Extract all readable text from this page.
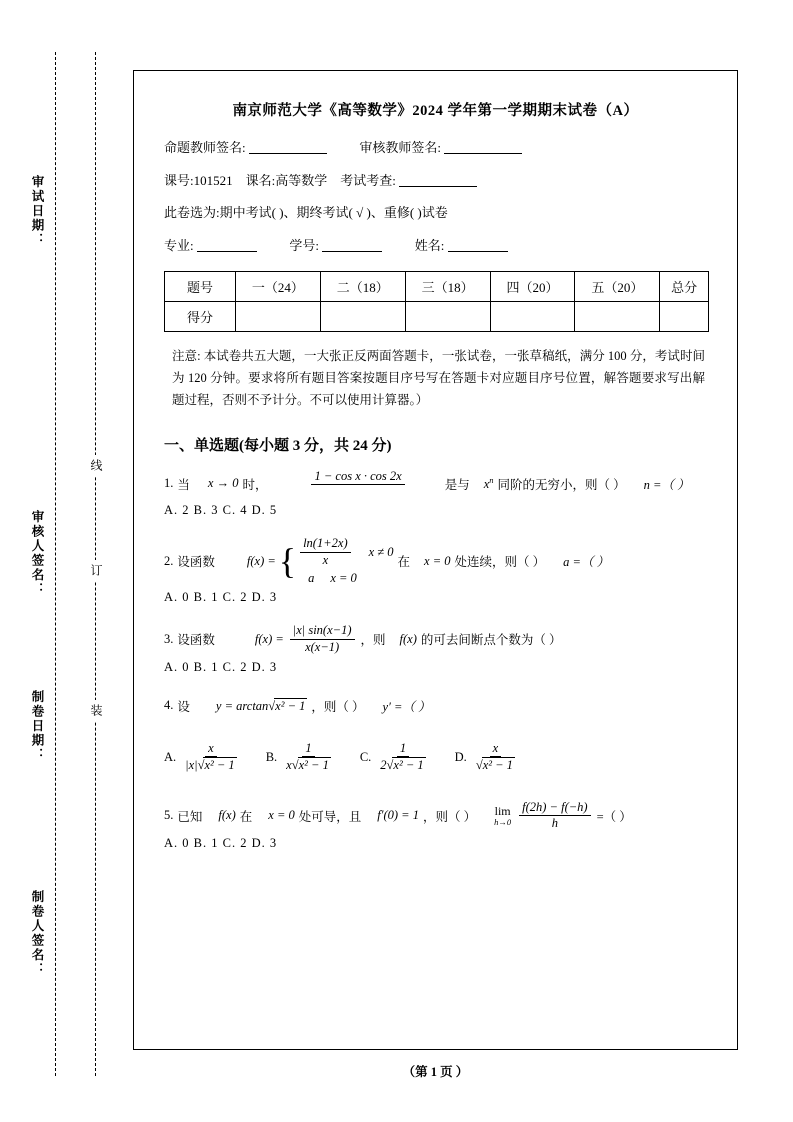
审试日期：
审核人签名：
制卷日期：
制卷人签名：
线
订
装
南京师范大学《高等数学》2024 学年第一学期期末试卷（A）
命题教师签名:	审核教师签名:
课号:101521　课名:高等数学　考试考查:
此卷选为:期中考试( )、期终考试( √ )、重修( )试卷
专业:	学号:	姓名:
题号	一（24）	二（18）	三（18）	四（20）	五（20）	总分
得分						
注意: 本试卷共五大题，一大张正反两面答题卡，一张试卷，一张草稿纸，满分 100 分，考试时间为 120 分钟。要求将所有题目答案按题目序号写在答题卡对应题目序号位置，解答题要求写出解题过程，否则不予计分。不可以使用计算器。）
一、单选题(每小题 3 分，共 24 分)
1. 当 x → 0 时，
1 − cos x · cos 2x

是与 $x^n$ 同阶的无穷小，则（ ） n =（ ）
A. 2 B. 3 C. 4 D. 5
2. 设函数	f(x) = { $\frac{\ln(1+2x)}{x}$ x ≠ 0
a x = 0
在 x = 0 处连续，则（ ） a =（ ）
A. 0 B. 1 C. 2 D. 3
3. 设函数	$f(x) = \frac{|x| \sin(x-1)}{x(x-1)}$ ，则 f(x) 的可去间断点个数为（ ）
A. 0 B. 1 C. 2 D. 3
4. 设 y = arctan√x² − 1 ，则（ ） y′ =（ ）
A. $\frac{x}{\text{|x|√x² − 1}} B$. $\frac{1}{\text{x√x² − 1}} C$. $\frac{1}{\text{2√x² − 1}} D$. $\frac{x}{\text{√x² − 1}}$
5. 已知 f(x) 在 x = 0 处可导，且 f′(0) = 1 ，则（ ） lim
$h\to 0 \frac{f(2h) - f(-h)}{h}$ =（ ）
A. 0 B. 1 C. 2 D. 3
（第 1 页 ）
